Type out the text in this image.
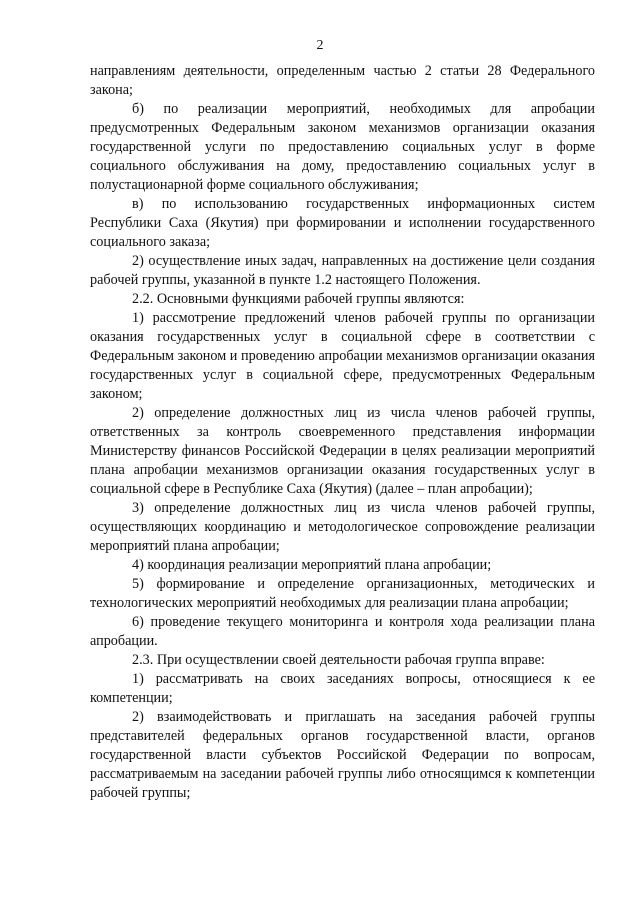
2

направлениям деятельности, определенным частью 2 статьи 28 Федерального закона;

б) по реализации мероприятий, необходимых для апробации предусмотренных Федеральным законом механизмов организации оказания государственной услуги по предоставлению социальных услуг в форме социального обслуживания на дому, предоставлению социальных услуг в полустационарной форме социального обслуживания;

в) по использованию государственных информационных систем Республики Саха (Якутия) при формировании и исполнении государственного социального заказа;

2) осуществление иных задач, направленных на достижение цели создания рабочей группы, указанной в пункте 1.2 настоящего Положения.

2.2. Основными функциями рабочей группы являются:

1) рассмотрение предложений членов рабочей группы по организации оказания государственных услуг в социальной сфере в соответствии с Федеральным законом и проведению апробации механизмов организации оказания государственных услуг в социальной сфере, предусмотренных Федеральным законом;

2) определение должностных лиц из числа членов рабочей группы, ответственных за контроль своевременного представления информации Министерству финансов Российской Федерации в целях реализации мероприятий плана апробации механизмов организации оказания государственных услуг в социальной сфере в Республике Саха (Якутия) (далее – план апробации);

3) определение должностных лиц из числа членов рабочей группы, осуществляющих координацию и методологическое сопровождение реализации мероприятий плана апробации;

4) координация реализации мероприятий плана апробации;

5) формирование и определение организационных, методических и технологических мероприятий необходимых для реализации плана апробации;

6) проведение текущего мониторинга и контроля хода реализации плана апробации.

2.3. При осуществлении своей деятельности рабочая группа вправе:

1) рассматривать на своих заседаниях вопросы, относящиеся к ее компетенции;

2) взаимодействовать и приглашать на заседания рабочей группы представителей федеральных органов государственной власти, органов государственной власти субъектов Российской Федерации по вопросам, рассматриваемым на заседании рабочей группы либо относящимся к компетенции рабочей группы;
